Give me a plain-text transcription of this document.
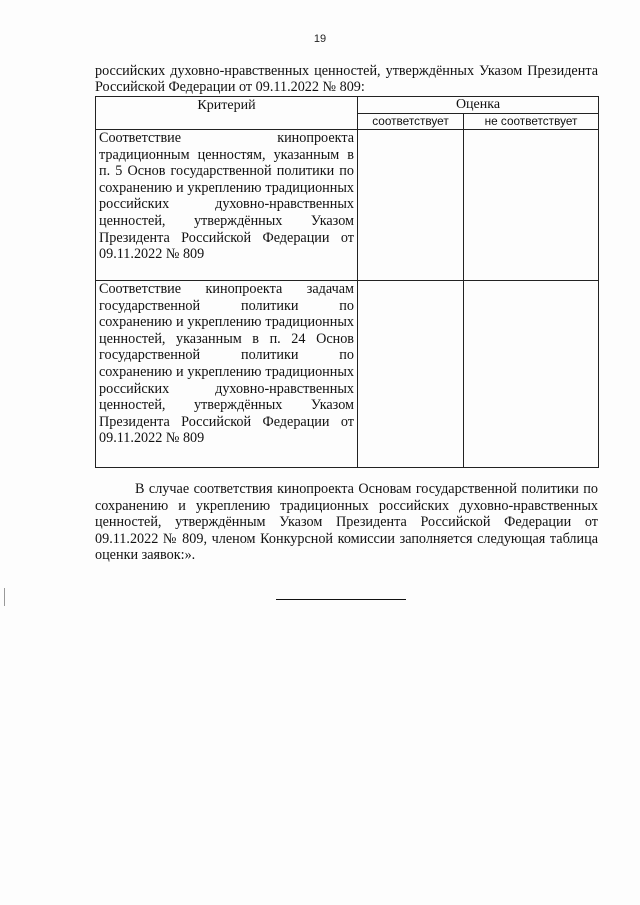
19
российских духовно-нравственных ценностей, утверждённых Указом Президента Российской Федерации от 09.11.2022 № 809:
Критерий	Оценка	
	соответствует	не соответствует
Соответствие кинопроекта традиционным ценностям, указанным в п. 5 Основ государственной политики по сохранению и укреплению традиционных российских духовно-нравственных ценностей, утверждённых Указом Президента Российской Федерации от 09.11.2022 № 809		
Соответствие кинопроекта задачам государственной политики по сохранению и укреплению традиционных ценностей, указанным в п. 24 Основ государственной политики по сохранению и укреплению традиционных российских духовно-нравственных ценностей, утверждённых Указом Президента Российской Федерации от 09.11.2022 № 809		
В случае соответствия кинопроекта Основам государственной политики по сохранению и укреплению традиционных российских духовно-нравственных ценностей, утверждённым Указом Президента Российской Федерации от 09.11.2022 № 809, членом Конкурсной комиссии заполняется следующая таблица оценки заявок:».
